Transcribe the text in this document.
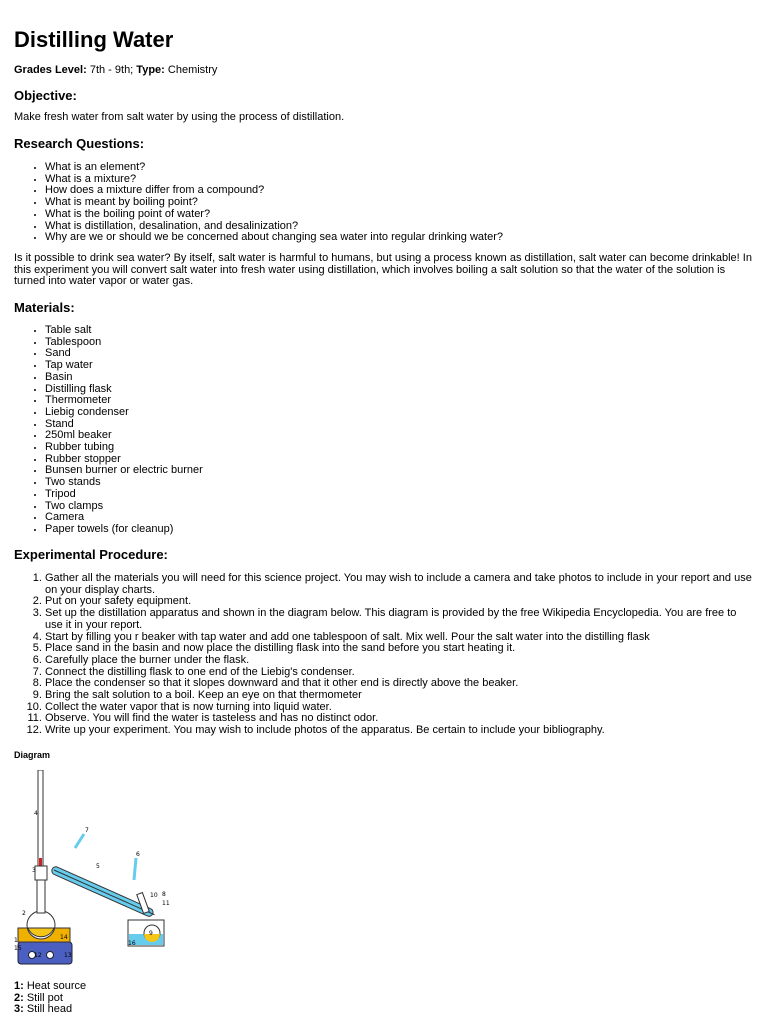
Distilling Water
Grades Level: 7th - 9th; Type: Chemistry
Objective:

Make fresh water from salt water by using the process of distillation.

Research Questions:
• What is an element?
• What is a mixture?
• How does a mixture differ from a compound?
• What is meant by boiling point?
• What is the boiling point of water?
• What is distillation, desalination, and desalinization?
• Why are we or should we be concerned about changing sea water into regular drinking water?

Is it possible to drink sea water? By itself, salt water is harmful to humans, but using a process known as distillation, salt water can become drinkable! In this experiment you will convert salt water into fresh water using distillation, which involves boiling a salt solution so that the water of the solution is turned into water vapor or water gas.

Materials:
• Table salt
• Tablespoon
• Sand
• Tap water
• Basin
• Distilling flask
• Thermometer
• Liebig condenser
• Stand
• 250ml beaker
• Rubber tubing
• Rubber stopper
• Bunsen burner or electric burner
• Two stands
• Tripod
• Two clamps
• Camera
• Paper towels (for cleanup)
Experimental Procedure:
1. Gather all the materials you will need for this science project. You may wish to include a camera and take photos to include in your report and use on your display charts.
2. Put on your safety equipment.
3. Set up the distillation apparatus and shown in the diagram below. This diagram is provided by the free Wikipedia Encyclopedia. You are free to use it in your report.
4. Start by filling you r beaker with tap water and add one tablespoon of salt. Mix well. Pour the salt water into the distilling flask
5. Place sand in the basin and now place the distilling flask into the sand before you start heating it.
6. Carefully place the burner under the flask.
7. Connect the distilling flask to one end of the Liebig's condenser.
8. Place the condenser so that it slopes downward and that it other end is directly above the beaker.
9. Bring the salt solution to a boil. Keep an eye on that thermometer
10. Collect the water vapor that is now turning into liquid water.
11. Observe. You will find the water is tasteless and has no distinct odor.
12. Write up your experiment. You may wish to include photos of the apparatus. Be certain to include your bibliography.
Diagram
1: Heat source
2: Still pot
3: Still head
1
2
3
4
5
6
7
8
9
10
11
12	13
14
15
16
